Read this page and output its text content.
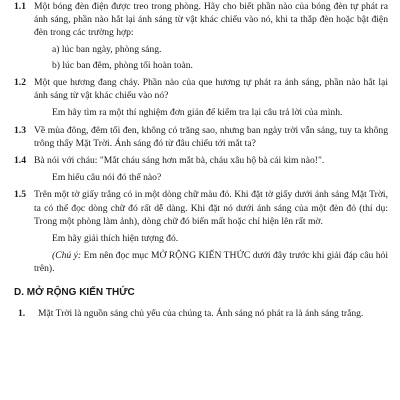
1.1 Một bóng đèn điện được treo trong phòng. Hãy cho biết phần nào của bóng đèn tự phát ra ánh sáng, phần nào hắt lại ánh sáng từ vật khác chiếu vào nó, khi ta thắp đèn hoặc bật điện đèn trong các trường hợp:

a) lúc ban ngày, phòng sáng.

b) lúc ban đêm, phòng tối hoàn toàn.

1.2 Một que hương đang cháy. Phần nào của que hương tự phát ra ánh sáng, phần nào hắt lại ánh sáng từ vật khác chiếu vào nó?

Em hãy tìm ra một thí nghiệm đơn giản để kiểm tra lại câu trả lời của mình.

1.3 Về mùa đông, đêm tối đen, không có trăng sao, nhưng ban ngày trời vẫn sáng, tuy ta không trông thấy Mặt Trời. Ánh sáng đó từ đâu chiếu tới mắt ta?

1.4 Bà nói với cháu: "Mắt cháu sáng hơn mắt bà, cháu xâu hộ bà cái kim nào!".

Em hiểu câu nói đó thế nào?

1.5 Trên một tờ giấy trắng có in một dòng chữ màu đỏ. Khi đặt tờ giấy dưới ánh sáng Mặt Trời, ta có thể đọc dòng chữ đó rất dễ dàng. Khi đặt nó dưới ánh sáng của một đèn đỏ (thí dụ: Trong một phòng làm ảnh), dòng chữ đó biến mất hoặc chỉ hiện lên rất mờ.

Em hãy giải thích hiện tượng đó.

(Chú ý: Em nên đọc mục MỞ RỘNG KIẾN THỨC dưới đây trước khi giải đáp câu hỏi trên).

D. MỞ RỘNG KIẾN THỨC
1. Mặt Trời là nguồn sáng chủ yếu của chúng ta. Ánh sáng nó phát ra là ánh sáng trắng.
